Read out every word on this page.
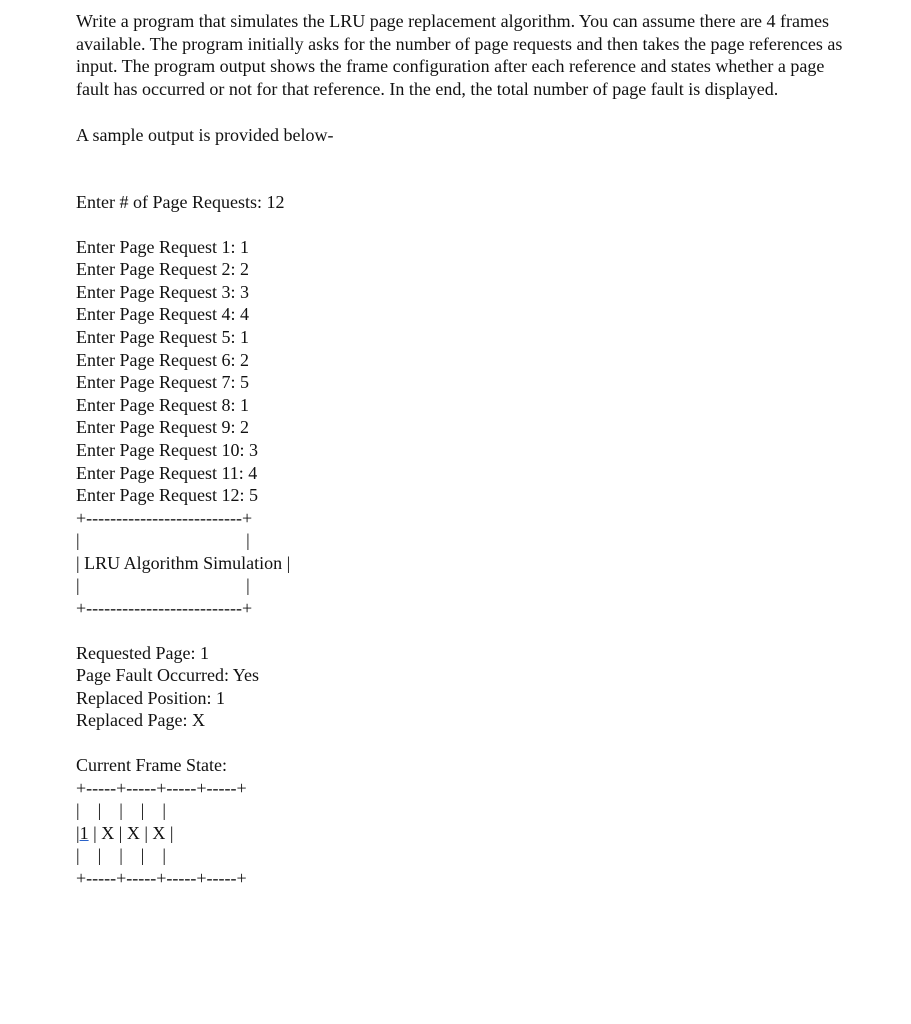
Write a program that simulates the LRU page replacement algorithm. You can assume there are 4 frames available. The program initially asks for the number of page requests and then takes the page references as input. The program output shows the frame configuration after each reference and states whether a page fault has occurred or not for that reference. In the end, the total number of page fault is displayed.

A sample output is provided below-
Enter # of Page Requests: 12
Enter Page Request 1: 1
Enter Page Request 2: 2
Enter Page Request 3: 3
Enter Page Request 4: 4
Enter Page Request 5: 1
Enter Page Request 6: 2
Enter Page Request 7: 5
Enter Page Request 8: 1
Enter Page Request 9: 2
Enter Page Request 10: 3
Enter Page Request 11: 4
Enter Page Request 12: 5
+--------------------------+
|                                     |
| LRU Algorithm Simulation |
|                                     |
+--------------------------+
Requested Page: 1
Page Fault Occurred: Yes
Replaced Position: 1
Replaced Page: X
Current Frame State:
+-----+-----+-----+-----+
|    |    |    |    |
|1 | X | X | X |
|    |    |    |    |
+-----+-----+-----+-----+
